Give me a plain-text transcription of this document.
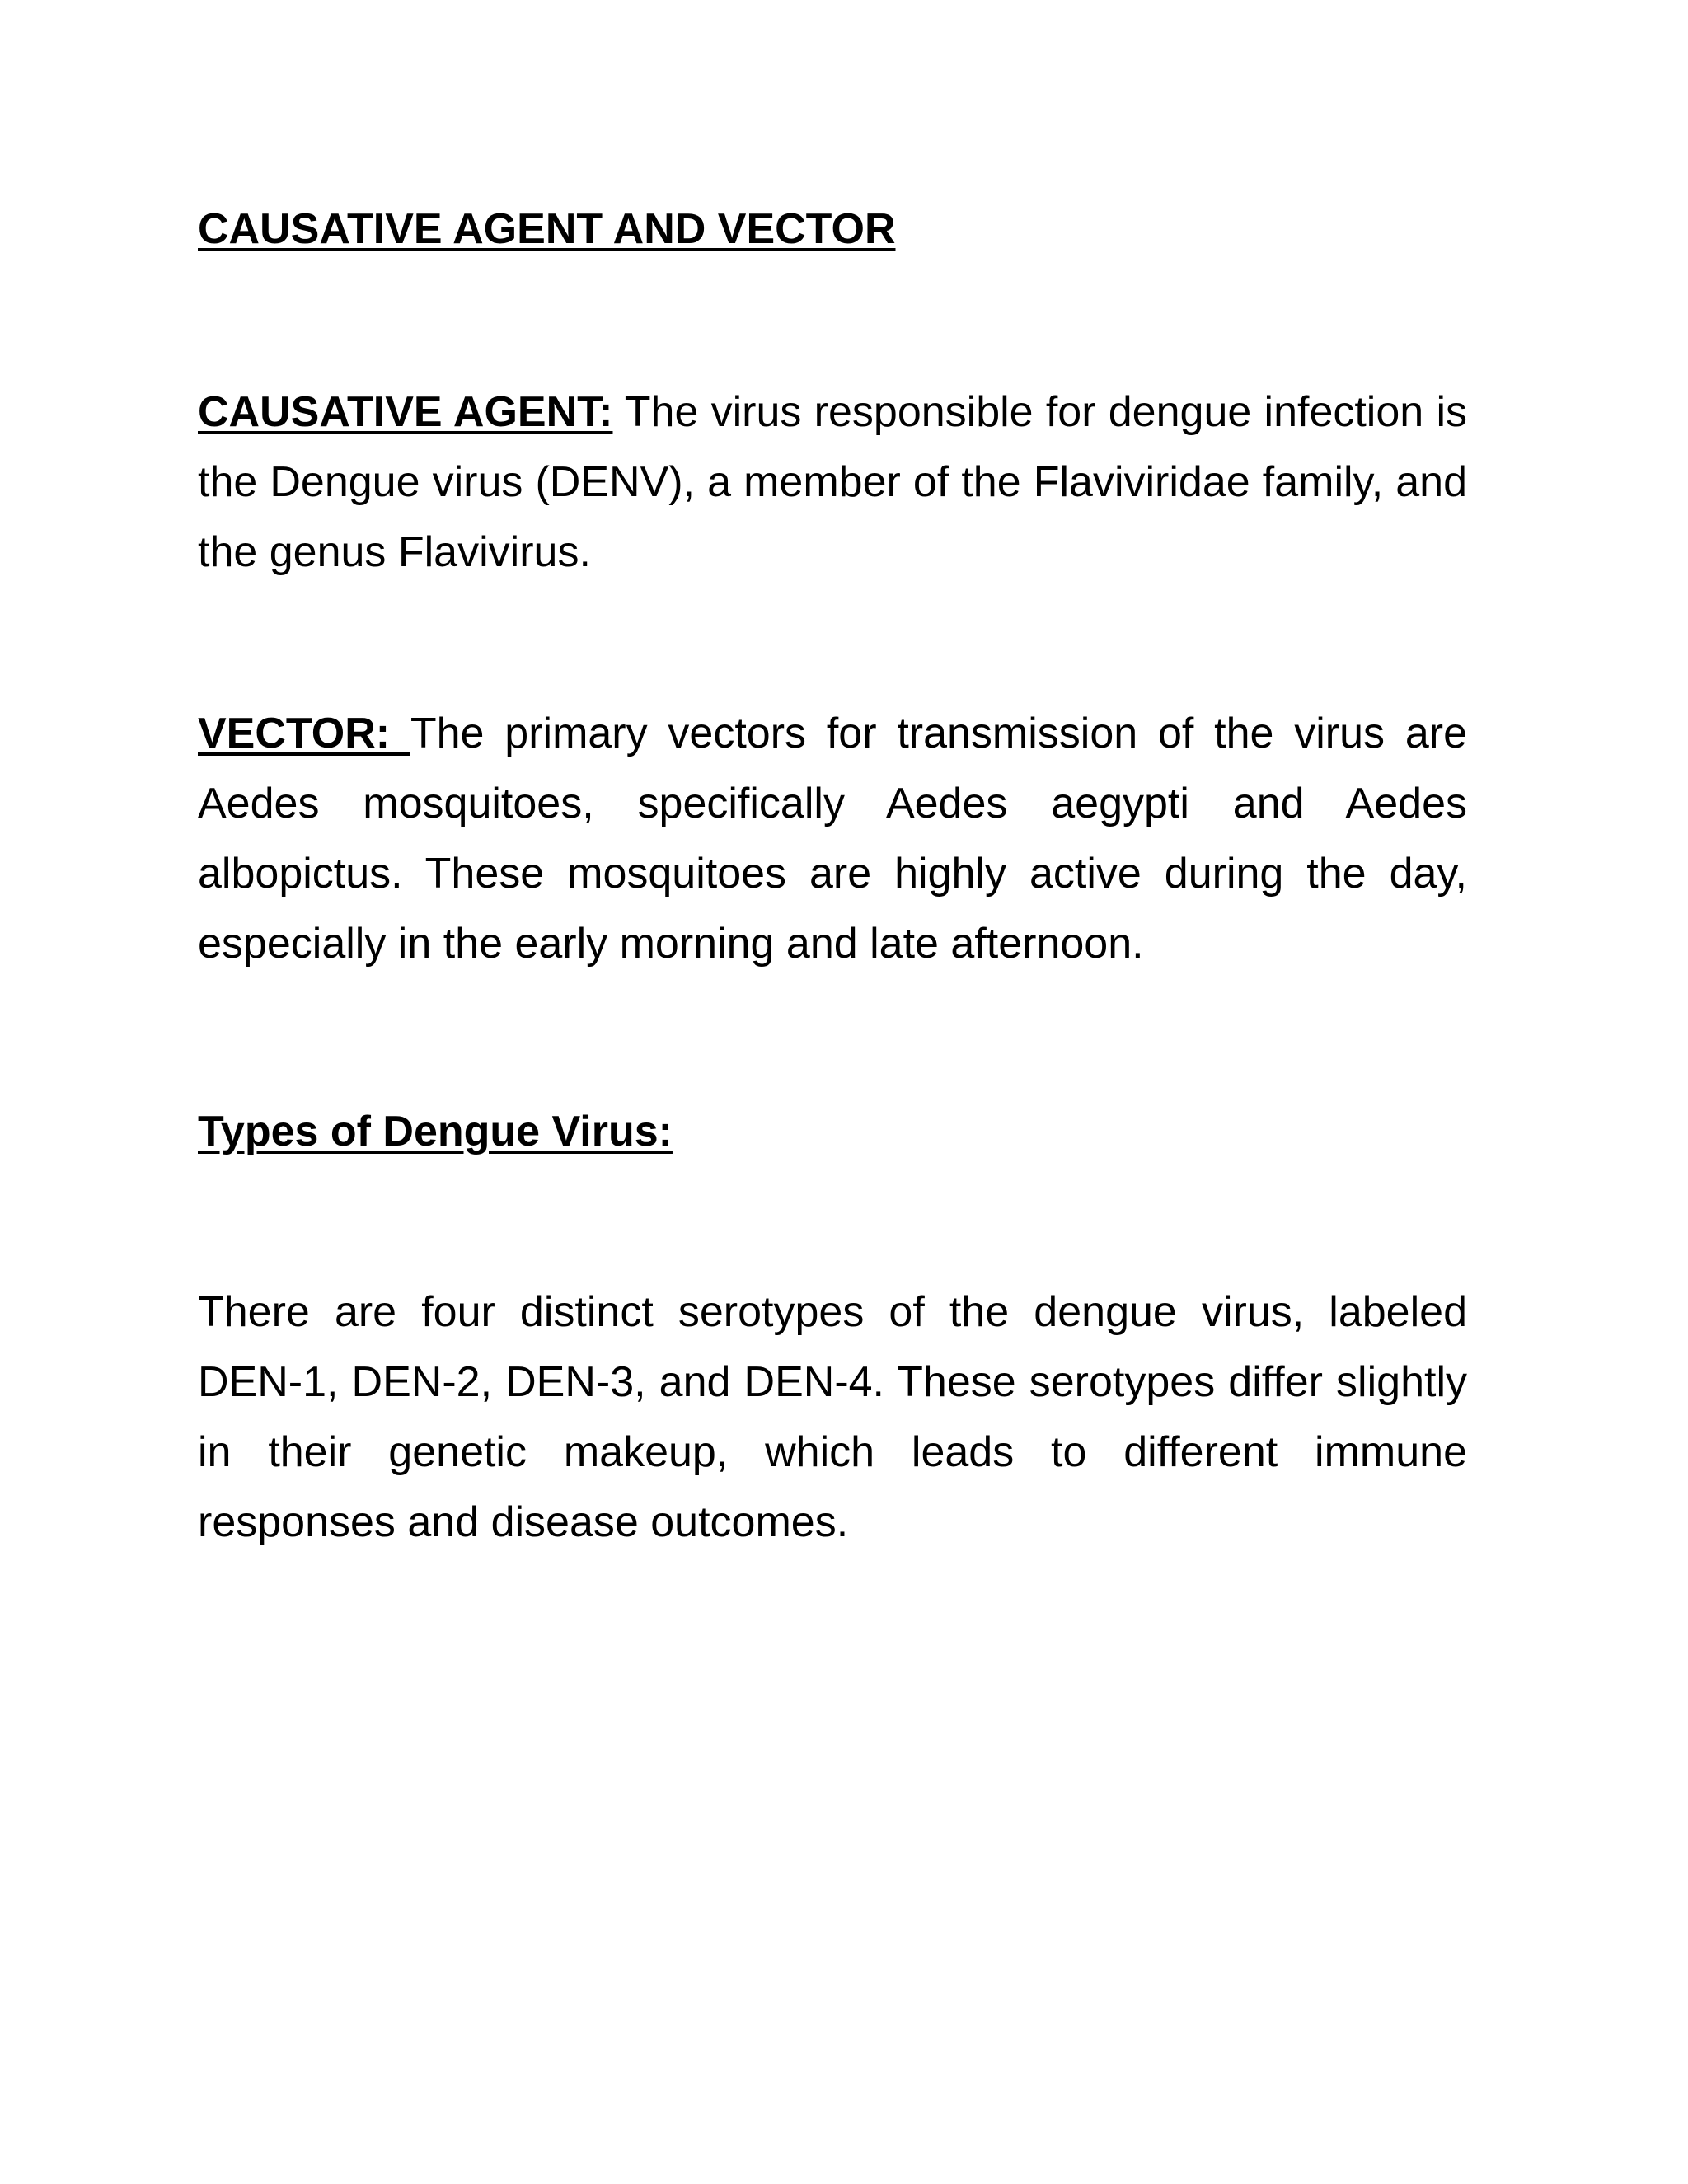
CAUSATIVE AGENT AND VECTOR

CAUSATIVE AGENT: The virus responsible for dengue infection is the Dengue virus (DENV), a member of the Flaviviridae family, and the genus Flavivirus.

VECTOR: The primary vectors for transmission of the virus are Aedes mosquitoes, specifically Aedes aegypti and Aedes albopictus. These mosquitoes are highly active during the day, especially in the early morning and late afternoon.

Types of Dengue Virus:

There are four distinct serotypes of the dengue virus, labeled DEN-1, DEN-2, DEN-3, and DEN-4. These serotypes differ slightly in their genetic makeup, which leads to different immune responses and disease outcomes.
